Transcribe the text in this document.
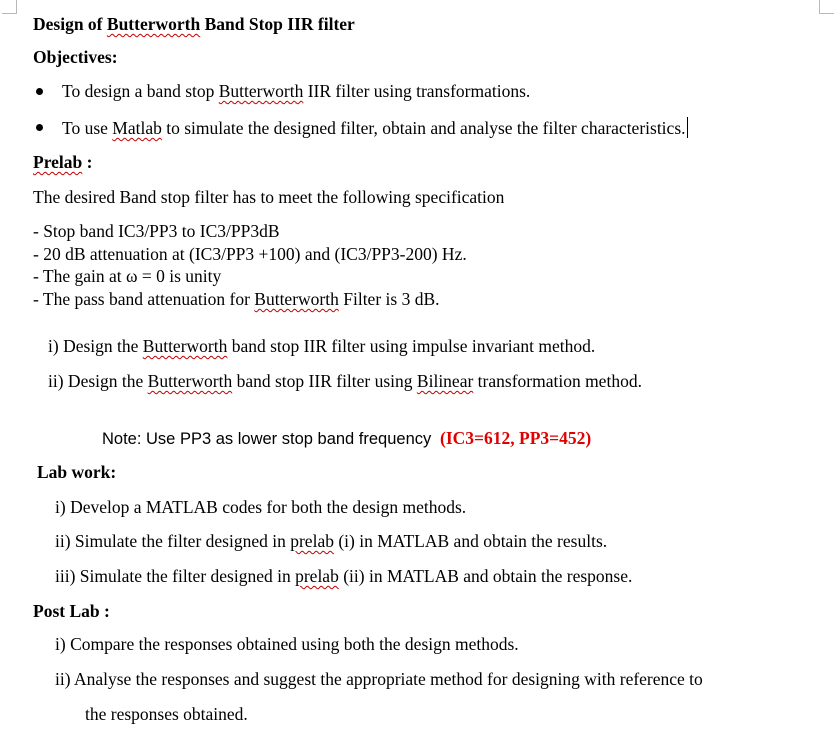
Design of Butterworth Band Stop IIR filter
Objectives:
To design a band stop Butterworth IIR filter using transformations.
To use Matlab to simulate the designed filter, obtain and analyse the filter characteristics.
Prelab :
The desired Band stop filter has to meet the following specification
- Stop band IC3/PP3 to IC3/PP3dB
- 20 dB attenuation at (IC3/PP3 +100) and (IC3/PP3-200) Hz.
- The gain at ω = 0 is unity
- The pass band attenuation for Butterworth Filter is 3 dB.
i) Design the Butterworth band stop IIR filter using impulse invariant method.
ii) Design the Butterworth band stop IIR filter using Bilinear transformation method.
Note: Use PP3 as lower stop band frequency (IC3=612, PP3=452)
Lab work:
i) Develop a MATLAB codes for both the design methods.
ii) Simulate the filter designed in prelab (i) in MATLAB and obtain the results.
iii) Simulate the filter designed in prelab (ii) in MATLAB and obtain the response.
Post Lab :
i) Compare the responses obtained using both the design methods.
ii) Analyse the responses and suggest the appropriate method for designing with reference to
the responses obtained.
